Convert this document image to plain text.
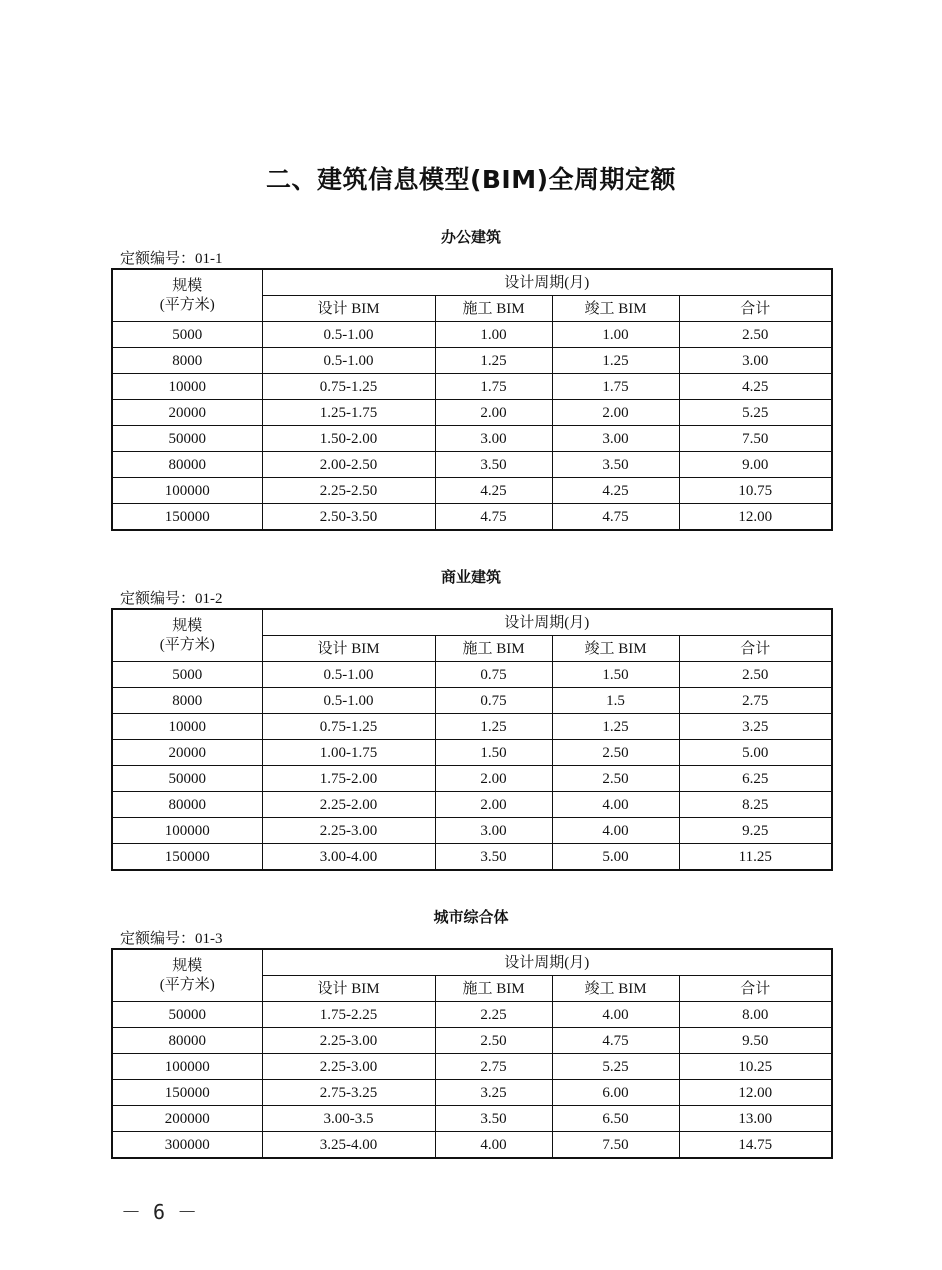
二、建筑信息模型(BIM)全周期定额
办公建筑
定额编号：01-1
规模
(平方米)	设计周期(月)			
	设计 BIM	施工 BIM	竣工 BIM	合计
5000	0.5-1.00	1.00	1.00	2.50
8000	0.5-1.00	1.25	1.25	3.00
10000	0.75-1.25	1.75	1.75	4.25
20000	1.25-1.75	2.00	2.00	5.25
50000	1.50-2.00	3.00	3.00	7.50
80000	2.00-2.50	3.50	3.50	9.00
100000	2.25-2.50	4.25	4.25	10.75
150000	2.50-3.50	4.75	4.75	12.00
商业建筑
定额编号：01-2
规模
(平方米)	设计周期(月)			
	设计 BIM	施工 BIM	竣工 BIM	合计
5000	0.5-1.00	0.75	1.50	2.50
8000	0.5-1.00	0.75	1.5	2.75
10000	0.75-1.25	1.25	1.25	3.25
20000	1.00-1.75	1.50	2.50	5.00
50000	1.75-2.00	2.00	2.50	6.25
80000	2.25-2.00	2.00	4.00	8.25
100000	2.25-3.00	3.00	4.00	9.25
150000	3.00-4.00	3.50	5.00	11.25
城市综合体
定额编号：01-3
规模
(平方米)	设计周期(月)			
	设计 BIM	施工 BIM	竣工 BIM	合计
50000	1.75-2.25	2.25	4.00	8.00
80000	2.25-3.00	2.50	4.75	9.50
100000	2.25-3.00	2.75	5.25	10.25
150000	2.75-3.25	3.25	6.00	12.00
200000	3.00-3.5	3.50	6.50	13.00
300000	3.25-4.00	4.00	7.50	14.75
－ 6 －
